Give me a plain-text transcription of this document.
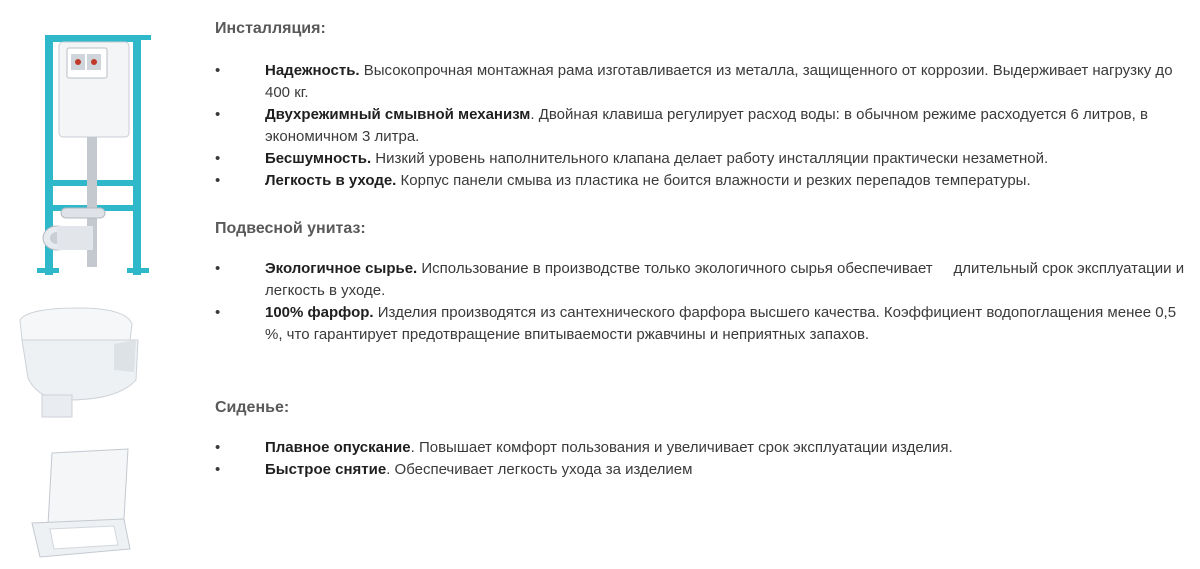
Инсталляция:
•	Надежность. Высокопрочная монтажная рама изготавливается из металла, защищенного от коррозии. Выдерживает нагрузку до 400 кг.
•	Двухрежимный смывной механизм. Двойная клавиша регулирует расход воды: в обычном режиме расходуется 6 литров, в экономичном 3 литра.
•	Бесшумность. Низкий уровень наполнительного клапана делает работу инсталляции практически незаметной.
•	Легкость в уходе. Корпус панели смыва из пластика не боится влажности и резких перепадов температуры.
Подвесной унитаз:
•	Экологичное сырье. Использование в производстве только экологичного сырья обеспечивает     длительный срок эксплуатации и легкость в уходе.
•	100% фарфор. Изделия производятся из сантехнического фарфора высшего качества. Коэффициент водопоглащения менее 0,5 %, что гарантирует предотвращение впитываемости ржавчины и неприятных запахов.
Сиденье:
•	Плавное опускание. Повышает комфорт пользования и увеличивает срок эксплуатации изделия.
•	Быстрое снятие. Обеспечивает легкость ухода за изделием
